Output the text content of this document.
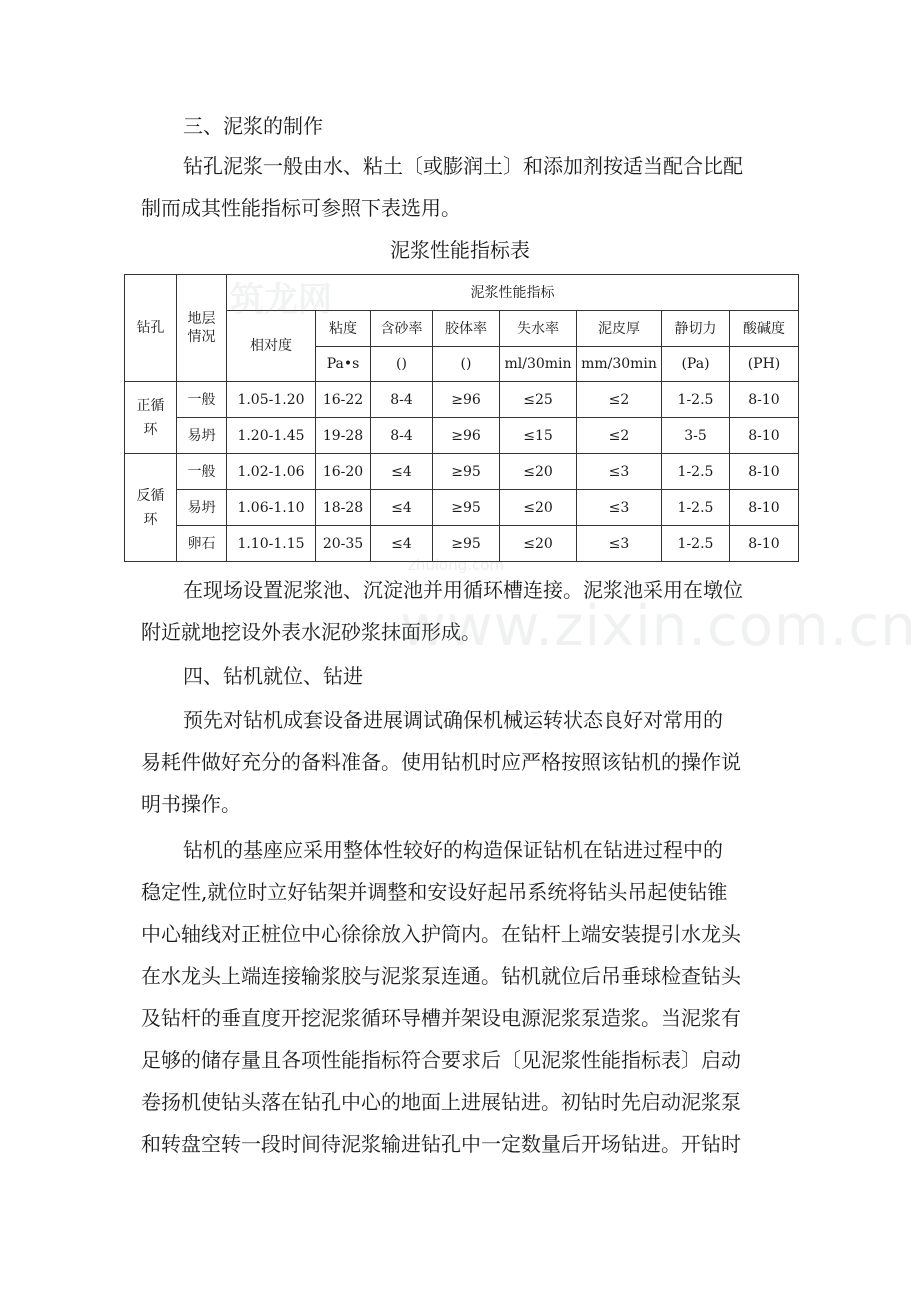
三、泥浆的制作
钻孔泥浆一般由水、粘土〔或膨润土〕和添加剂按适当配合比配
制而成其性能指标可参照下表选用。
泥浆性能指标表
钻孔	地层情况	泥浆性能指标							
		相对度	粘度	含砂率	胶体率	失水率	泥皮厚	静切力	酸碱度
			Pa•s	()	()	ml/30min	mm/30min	(Pa)	(PH)
正循环	一般	1.05-1.20	16-22	8-4	≥96	≤25	≤2	1-2.5	8-10
	易坍	1.20-1.45	19-28	8-4	≥96	≤15	≤2	3-5	8-10
反循环	一般	1.02-1.06	16-20	≤4	≥95	≤20	≤3	1-2.5	8-10
	易坍	1.06-1.10	18-28	≤4	≥95	≤20	≤3	1-2.5	8-10
	卵石	1.10-1.15	20-35	≤4	≥95	≤20	≤3	1-2.5	8-10
在现场设置泥浆池、沉淀池并用循环槽连接。泥浆池采用在墩位
附近就地挖设外表水泥砂浆抹面形成。
四、钻机就位、钻进
预先对钻机成套设备进展调试确保机械运转状态良好对常用的
易耗件做好充分的备料准备。使用钻机时应严格按照该钻机的操作说
明书操作。
钻机的基座应采用整体性较好的构造保证钻机在钻进过程中的
稳定性,就位时立好钻架并调整和安设好起吊系统将钻头吊起使钻锥
中心轴线对正桩位中心徐徐放入护筒内。在钻杆上端安装提引水龙头
在水龙头上端连接输浆胶与泥浆泵连通。钻机就位后吊垂球检查钻头
及钻杆的垂直度开挖泥浆循环导槽并架设电源泥浆泵造浆。当泥浆有
足够的储存量且各项性能指标符合要求后〔见泥浆性能指标表〕启动
卷扬机使钻头落在钻孔中心的地面上进展钻进。初钻时先启动泥浆泵
和转盘空转一段时间待泥浆输进钻孔中一定数量后开场钻进。开钻时
筑龙网
zhulong.com
www.zixin.com.cn
